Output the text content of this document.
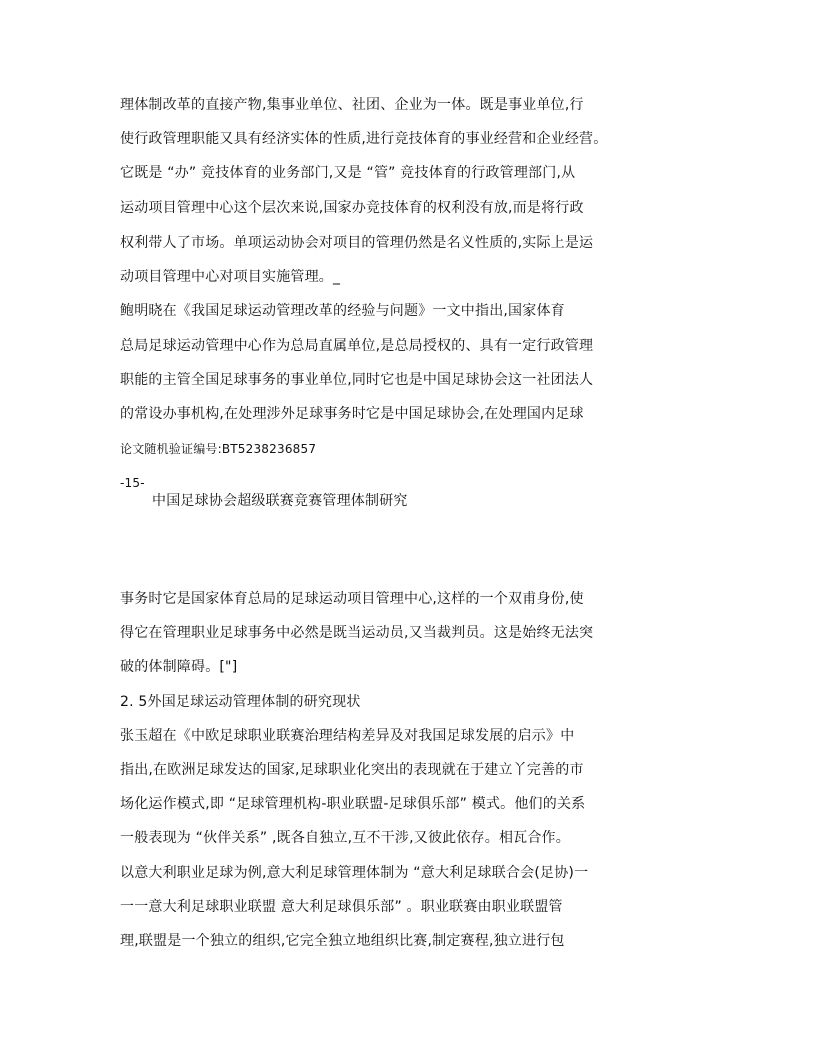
理体制改革的直接产物,集事业单位、社团、企业为一体。既是事业单位,行
使行政管理职能又具有经济实体的性质,进行竞技体育的事业经营和企业经营。
它既是 “办” 竞技体育的业务部门,又是 “管” 竞技体育的行政管理部门,从
运动项目管理中心这个层次来说,国家办竞技体育的权利没有放,而是将行政
权利带人了市场。单项运动协会对项目的管理仍然是名义性质的,实际上是运
动项目管理中心对项目实施管理。_
鲍明晓在《我国足球运动管理改革的经验与问题》一文中指出,国家体育
总局足球运动管理中心作为总局直属单位,是总局授权的、具有一定行政管理
职能的主管全国足球事务的事业单位,同时它也是中国足球协会这一社团法人
的常设办事机构,在处理涉外足球事务时它是中国足球协会,在处理国内足球
论文随机验证编号:BT5238236857
-15-
中国足球协会超级联赛竞赛管理体制研究
事务时它是国家体育总局的足球运动项目管理中心,这样的一个双甫身份,使
得它在管理职业足球事务中必然是既当运动员,又当裁判员。这是始终无法突
破的体制障碍。["]
2. 5外国足球运动管理体制的研究现状
张玉超在《中欧足球职业联赛治理结构差异及对我国足球发展的启示》中
指出,在欧洲足球发达的国家,足球职业化突出的表现就在于建立丫完善的市
场化运作模式,即 “足球管理机构-职业联盟-足球俱乐部” 模式。他们的关系
一般表现为 “伙伴关系” ,既各自独立,互不干涉,又彼此依存。相瓦合作。
以意大利职业足球为例,意大利足球管理体制为 “意大利足球联合会(足协)一
一一意大利足球职业联盟 意大利足球俱乐部” 。职业联赛由职业联盟管
理,联盟是一个独立的组织,它完全独立地组织比赛,制定赛程,独立进行包
